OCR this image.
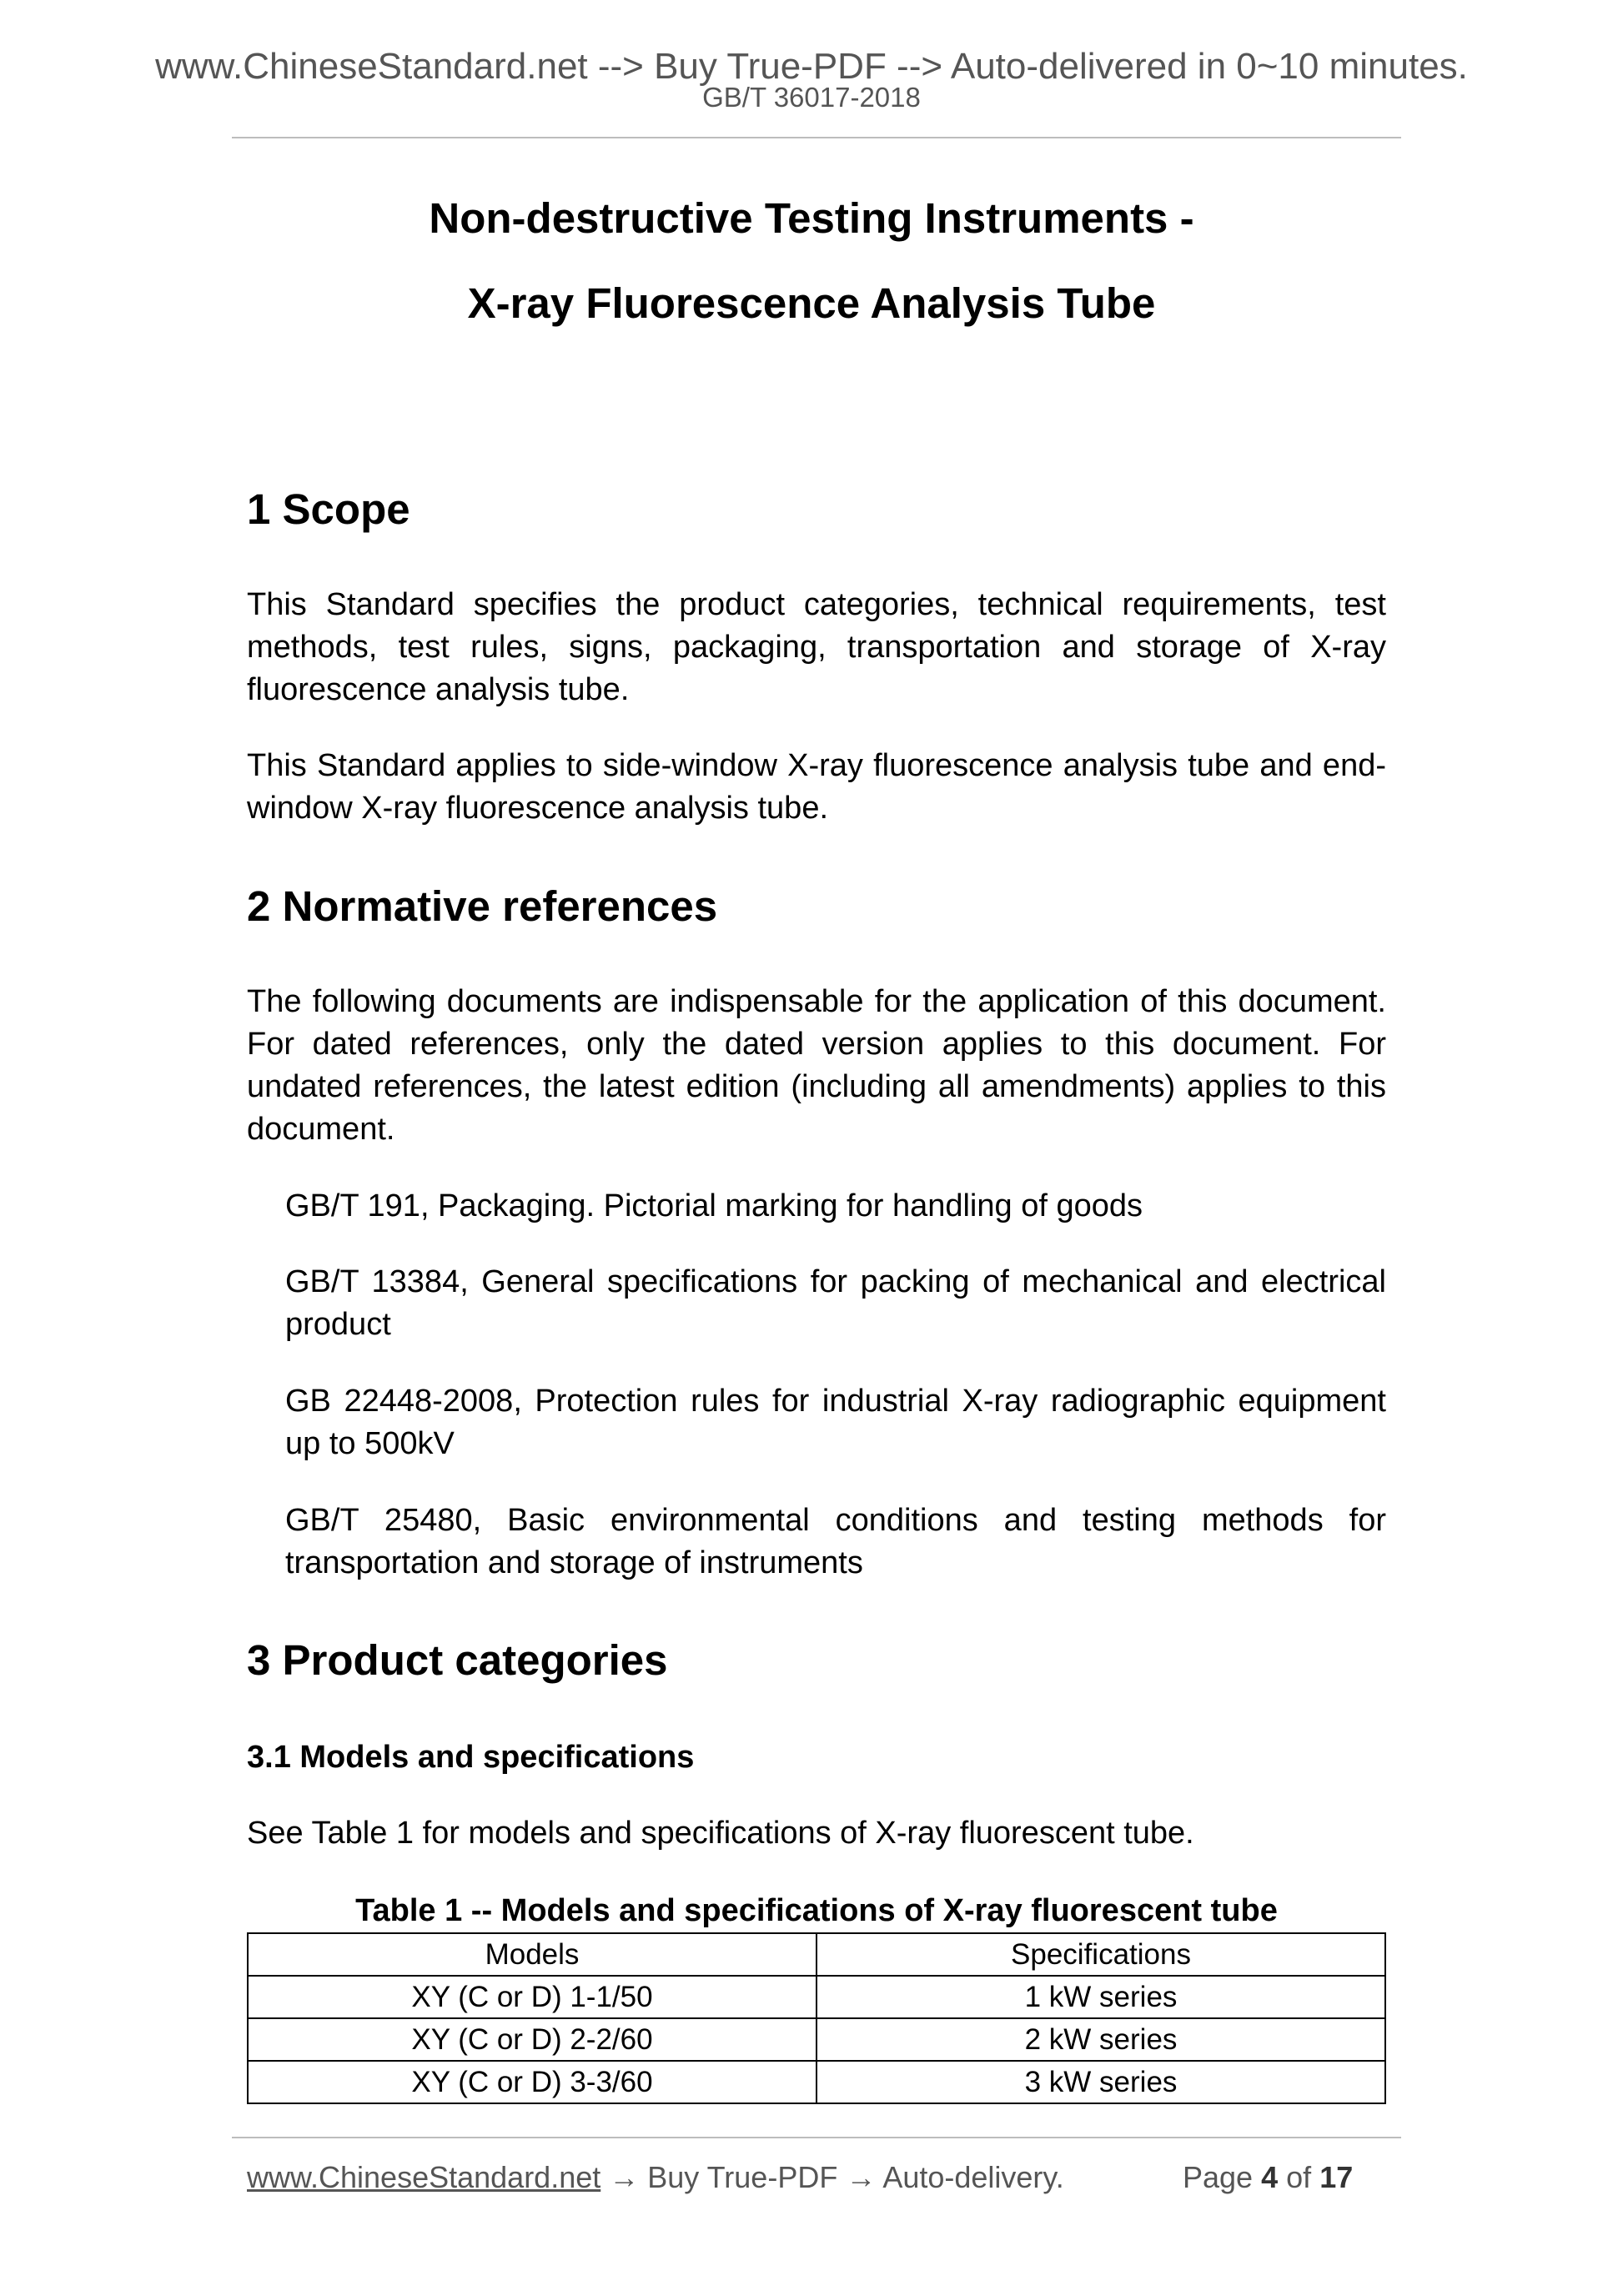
www.ChineseStandard.net --> Buy True-PDF --> Auto-delivered in 0~10 minutes.
GB/T 36017-2018
Non-destructive Testing Instruments -
X-ray Fluorescence Analysis Tube
1 Scope
This Standard specifies the product categories, technical requirements, test methods, test rules, signs, packaging, transportation and storage of X-ray fluorescence analysis tube.
This Standard applies to side-window X-ray fluorescence analysis tube and end-window X-ray fluorescence analysis tube.
2 Normative references
The following documents are indispensable for the application of this document. For dated references, only the dated version applies to this document. For undated references, the latest edition (including all amendments) applies to this document.
GB/T 191, Packaging. Pictorial marking for handling of goods
GB/T 13384, General specifications for packing of mechanical and electrical product
GB 22448-2008, Protection rules for industrial X-ray radiographic equipment up to 500kV
GB/T 25480, Basic environmental conditions and testing methods for transportation and storage of instruments
3 Product categories
3.1 Models and specifications
See Table 1 for models and specifications of X-ray fluorescent tube.
Table 1 -- Models and specifications of X-ray fluorescent tube
Models	Specifications
XY (C or D) 1-1/50	1 kW series
XY (C or D) 2-2/60	2 kW series
XY (C or D) 3-3/60	3 kW series
www.ChineseStandard.net → Buy True-PDF → Auto-delivery.	Page 4 of 17
